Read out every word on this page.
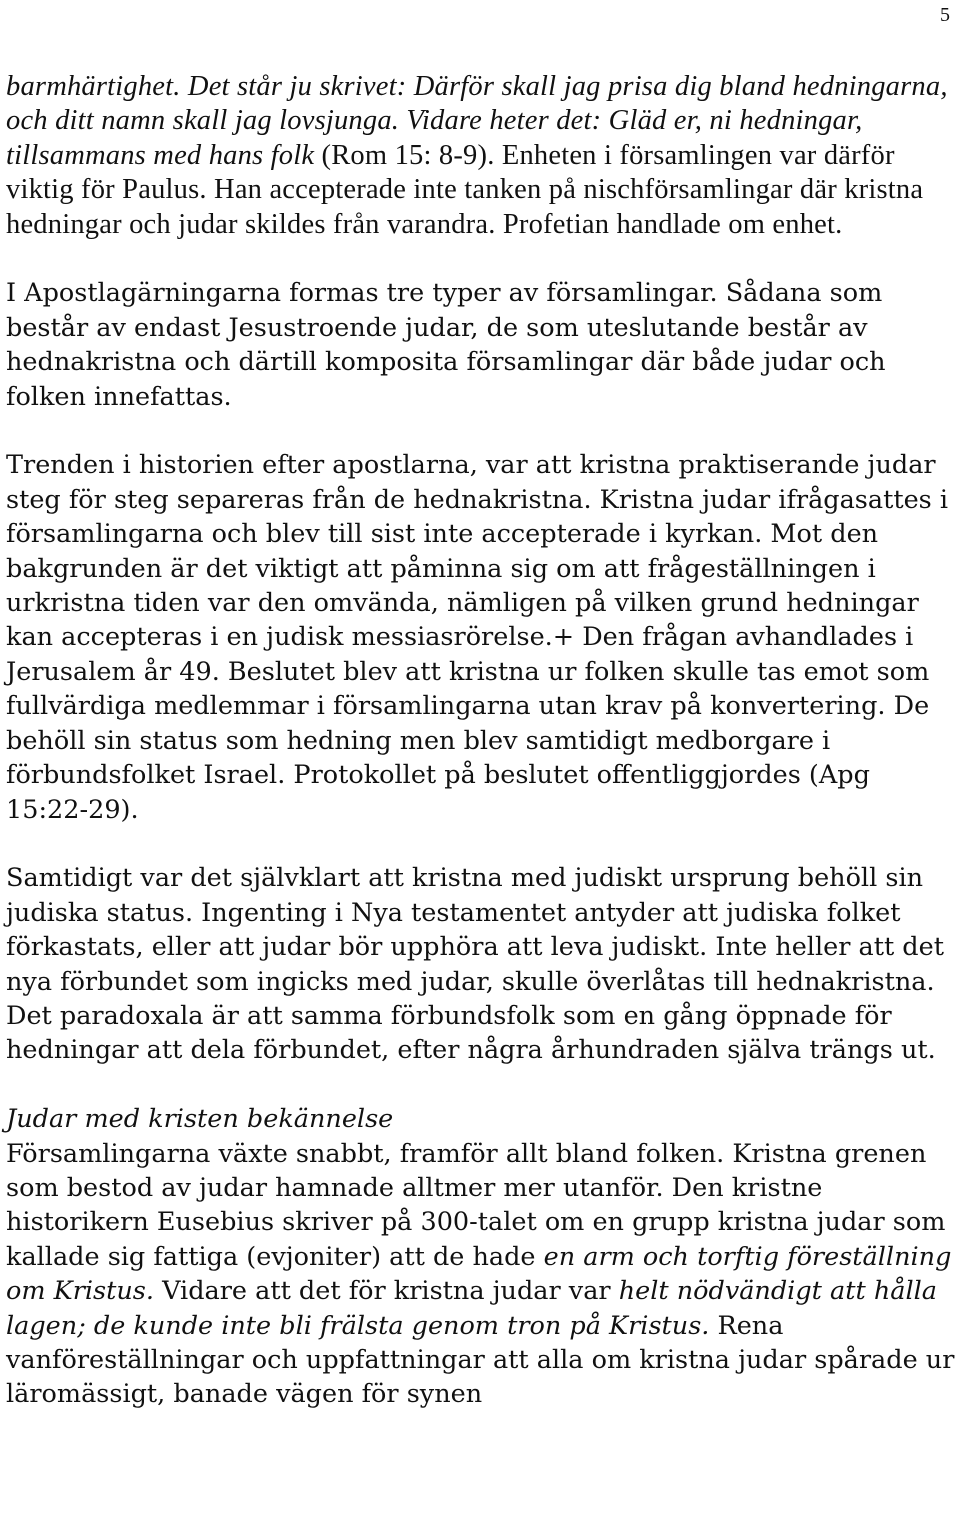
5

barmhärtighet. Det står ju skrivet: Därför skall jag prisa dig bland hedningarna, och ditt namn skall jag lovsjunga. Vidare heter det: Gläd er, ni hedningar, tillsammans med hans folk (Rom 15: 8-9). Enheten i församlingen var därför viktig för Paulus. Han accepterade inte tanken på nischförsamlingar där kristna hedningar och judar skildes från varandra. Profetian handlade om enhet.

I Apostlagärningarna formas tre typer av församlingar. Sådana som består av endast Jesustroende judar, de som uteslutande består av hednakristna och därtill komposita församlingar där både judar och folken innefattas.

Trenden i historien efter apostlarna, var att kristna praktiserande judar steg för steg separeras från de hednakristna. Kristna judar ifrågasattes i församlingarna och blev till sist inte accepterade i kyrkan. Mot den bakgrunden är det viktigt att påminna sig om att frågeställningen i urkristna tiden var den omvända, nämligen på vilken grund hedningar kan accepteras i en judisk messiasrörelse.+ Den frågan avhandlades i Jerusalem år 49. Beslutet blev att kristna ur folken skulle tas emot som fullvärdiga medlemmar i församlingarna utan krav på konvertering. De behöll sin status som hedning men blev samtidigt medborgare i förbundsfolket Israel. Protokollet på beslutet offentliggjordes (Apg 15:22-29).

Samtidigt var det självklart att kristna med judiskt ursprung behöll sin judiska status. Ingenting i Nya testamentet antyder att judiska folket förkastats, eller att judar bör upphöra att leva judiskt. Inte heller att det nya förbundet som ingicks med judar, skulle överlåtas till hednakristna. Det paradoxala är att samma förbundsfolk som en gång öppnade för hedningar att dela förbundet, efter några århundraden själva trängs ut.

Judar med kristen bekännelse

Församlingarna växte snabbt, framför allt bland folken. Kristna grenen som bestod av judar hamnade alltmer mer utanför. Den kristne historikern Eusebius skriver på 300-talet om en grupp kristna judar som kallade sig fattiga (evjoniter) att de hade en arm och torftig föreställning om Kristus. Vidare att det för kristna judar var helt nödvändigt att hålla lagen; de kunde inte bli frälsta genom tron på Kristus. Rena vanföreställningar och uppfattningar att alla om kristna judar spårade ur läromässigt, banade vägen för synen
